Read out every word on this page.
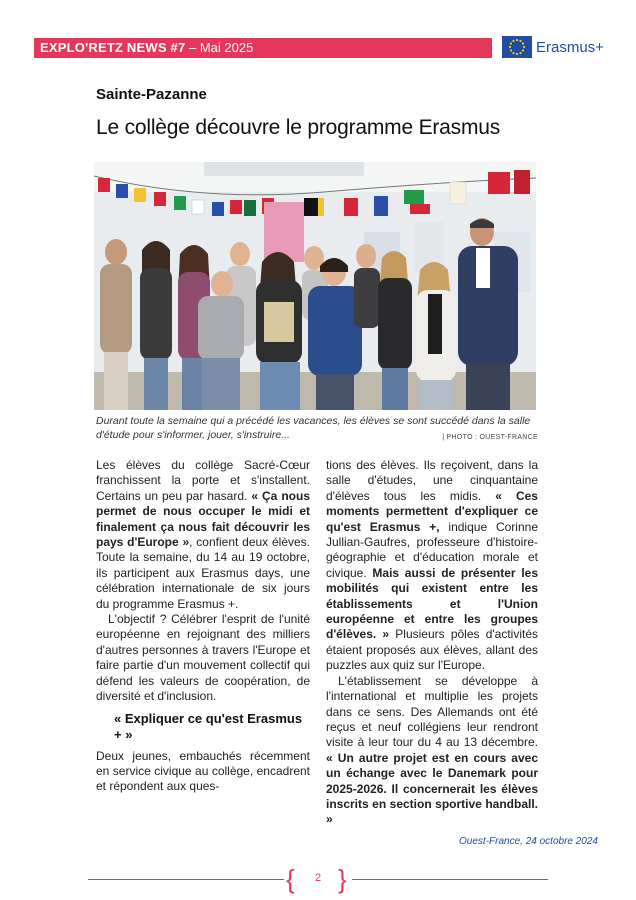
EXPLO'RETZ NEWS #7 – Mai 2025	Erasmus+
Sainte-Pazanne
Le collège découvre le programme Erasmus
Durant toute la semaine qui a précédé les vacances, les élèves se sont succédé dans la salle d'étude pour s'informer, jouer, s'instruire...	| PHOTO : OUEST-FRANCE

Les élèves du collège Sacré-Cœur franchissent la porte et s'installent. Certains un peu par hasard. « Ça nous permet de nous occuper le midi et finalement ça nous fait découvrir les pays d'Europe », confient deux élèves. Toute la semaine, du 14 au 19 octobre, ils participent aux Erasmus days, une célébration internationale de six jours du programme Erasmus +.

L'objectif ? Célébrer l'esprit de l'unité européenne en rejoignant des milliers d'autres personnes à travers l'Europe et faire partie d'un mouvement collectif qui défend les valeurs de coopération, de diversité et d'inclusion.

« Expliquer ce qu'est Erasmus + »

Deux jeunes, embauchés récemment en service civique au collège, encadrent et répondent aux ques-

tions des élèves. Ils reçoivent, dans la salle d'études, une cinquantaine d'élèves tous les midis. « Ces moments permettent d'expliquer ce qu'est Erasmus +, indique Corinne Jullian-Gaufres, professeure d'histoire-géographie et d'éducation morale et civique. Mais aussi de présenter les mobilités qui existent entre les établissements et l'Union européenne et entre les groupes d'élèves. » Plusieurs pôles d'activités étaient proposés aux élèves, allant des puzzles aux quiz sur l'Europe.

L'établissement se développe à l'international et multiplie les projets dans ce sens. Des Allemands ont été reçus et neuf collégiens leur rendront visite à leur tour du 4 au 13 décembre. « Un autre projet est en cours avec un échange avec le Danemark pour 2025-2026. Il concernerait les élèves inscrits en section sportive handball. »

Ouest-France, 24 octobre 2024
{	2 }
